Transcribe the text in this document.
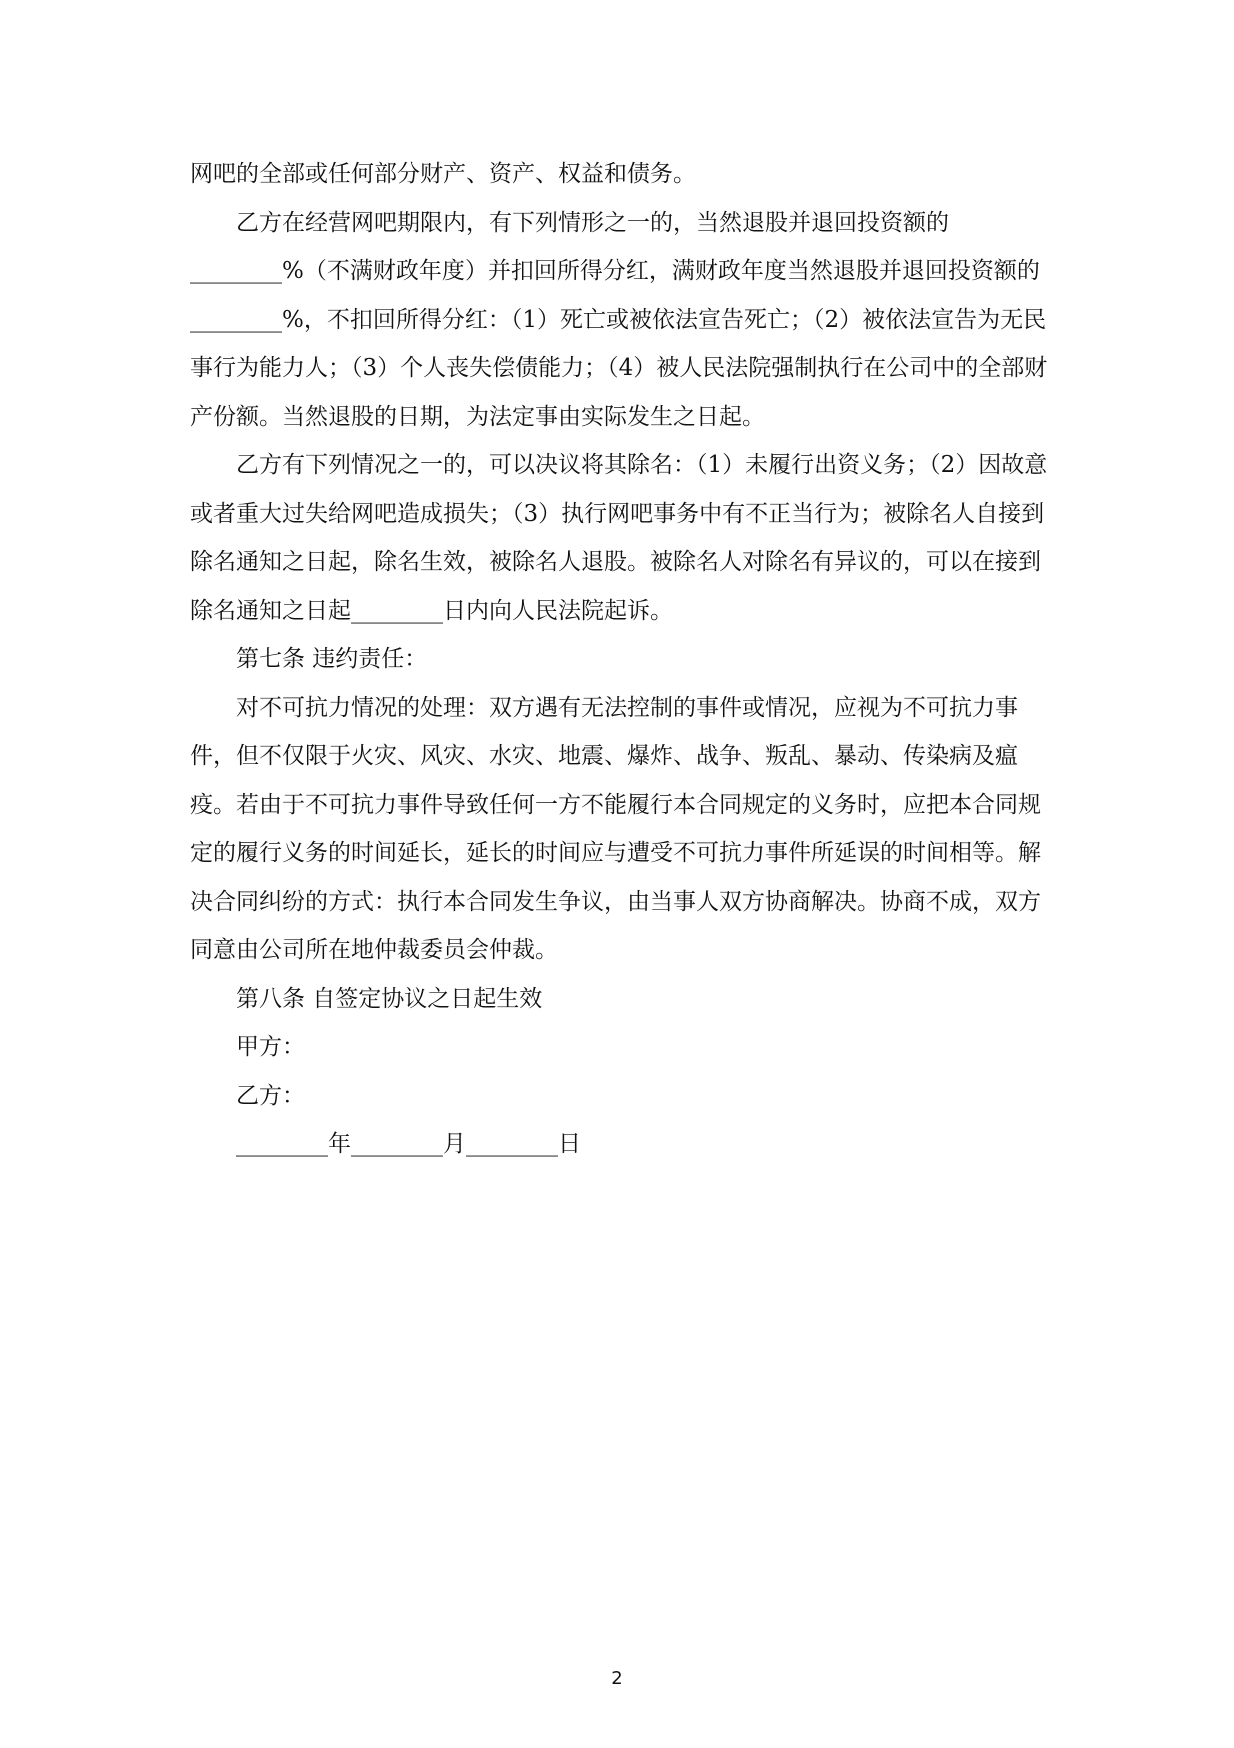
网吧的全部或任何部分财产、资产、权益和债务。

乙方在经营网吧期限内，有下列情形之一的，当然退股并退回投资额的________%（不满财政年度）并扣回所得分红，满财政年度当然退股并退回投资额的________%，不扣回所得分红：（1）死亡或被依法宣告死亡；（2）被依法宣告为无民事行为能力人；（3）个人丧失偿债能力；（4）被人民法院强制执行在公司中的全部财产份额。当然退股的日期，为法定事由实际发生之日起。

乙方有下列情况之一的，可以决议将其除名：（1）未履行出资义务；（2）因故意或者重大过失给网吧造成损失；（3）执行网吧事务中有不正当行为；被除名人自接到除名通知之日起，除名生效，被除名人退股。被除名人对除名有异议的，可以在接到除名通知之日起________日内向人民法院起诉。

第七条 违约责任：

对不可抗力情况的处理：双方遇有无法控制的事件或情况，应视为不可抗力事件，但不仅限于火灾、风灾、水灾、地震、爆炸、战争、叛乱、暴动、传染病及瘟疫。若由于不可抗力事件导致任何一方不能履行本合同规定的义务时，应把本合同规定的履行义务的时间延长，延长的时间应与遭受不可抗力事件所延误的时间相等。解决合同纠纷的方式：执行本合同发生争议，由当事人双方协商解决。协商不成，双方同意由公司所在地仲裁委员会仲裁。

第八条 自签定协议之日起生效

甲方：

乙方：

________年________月________日

2
